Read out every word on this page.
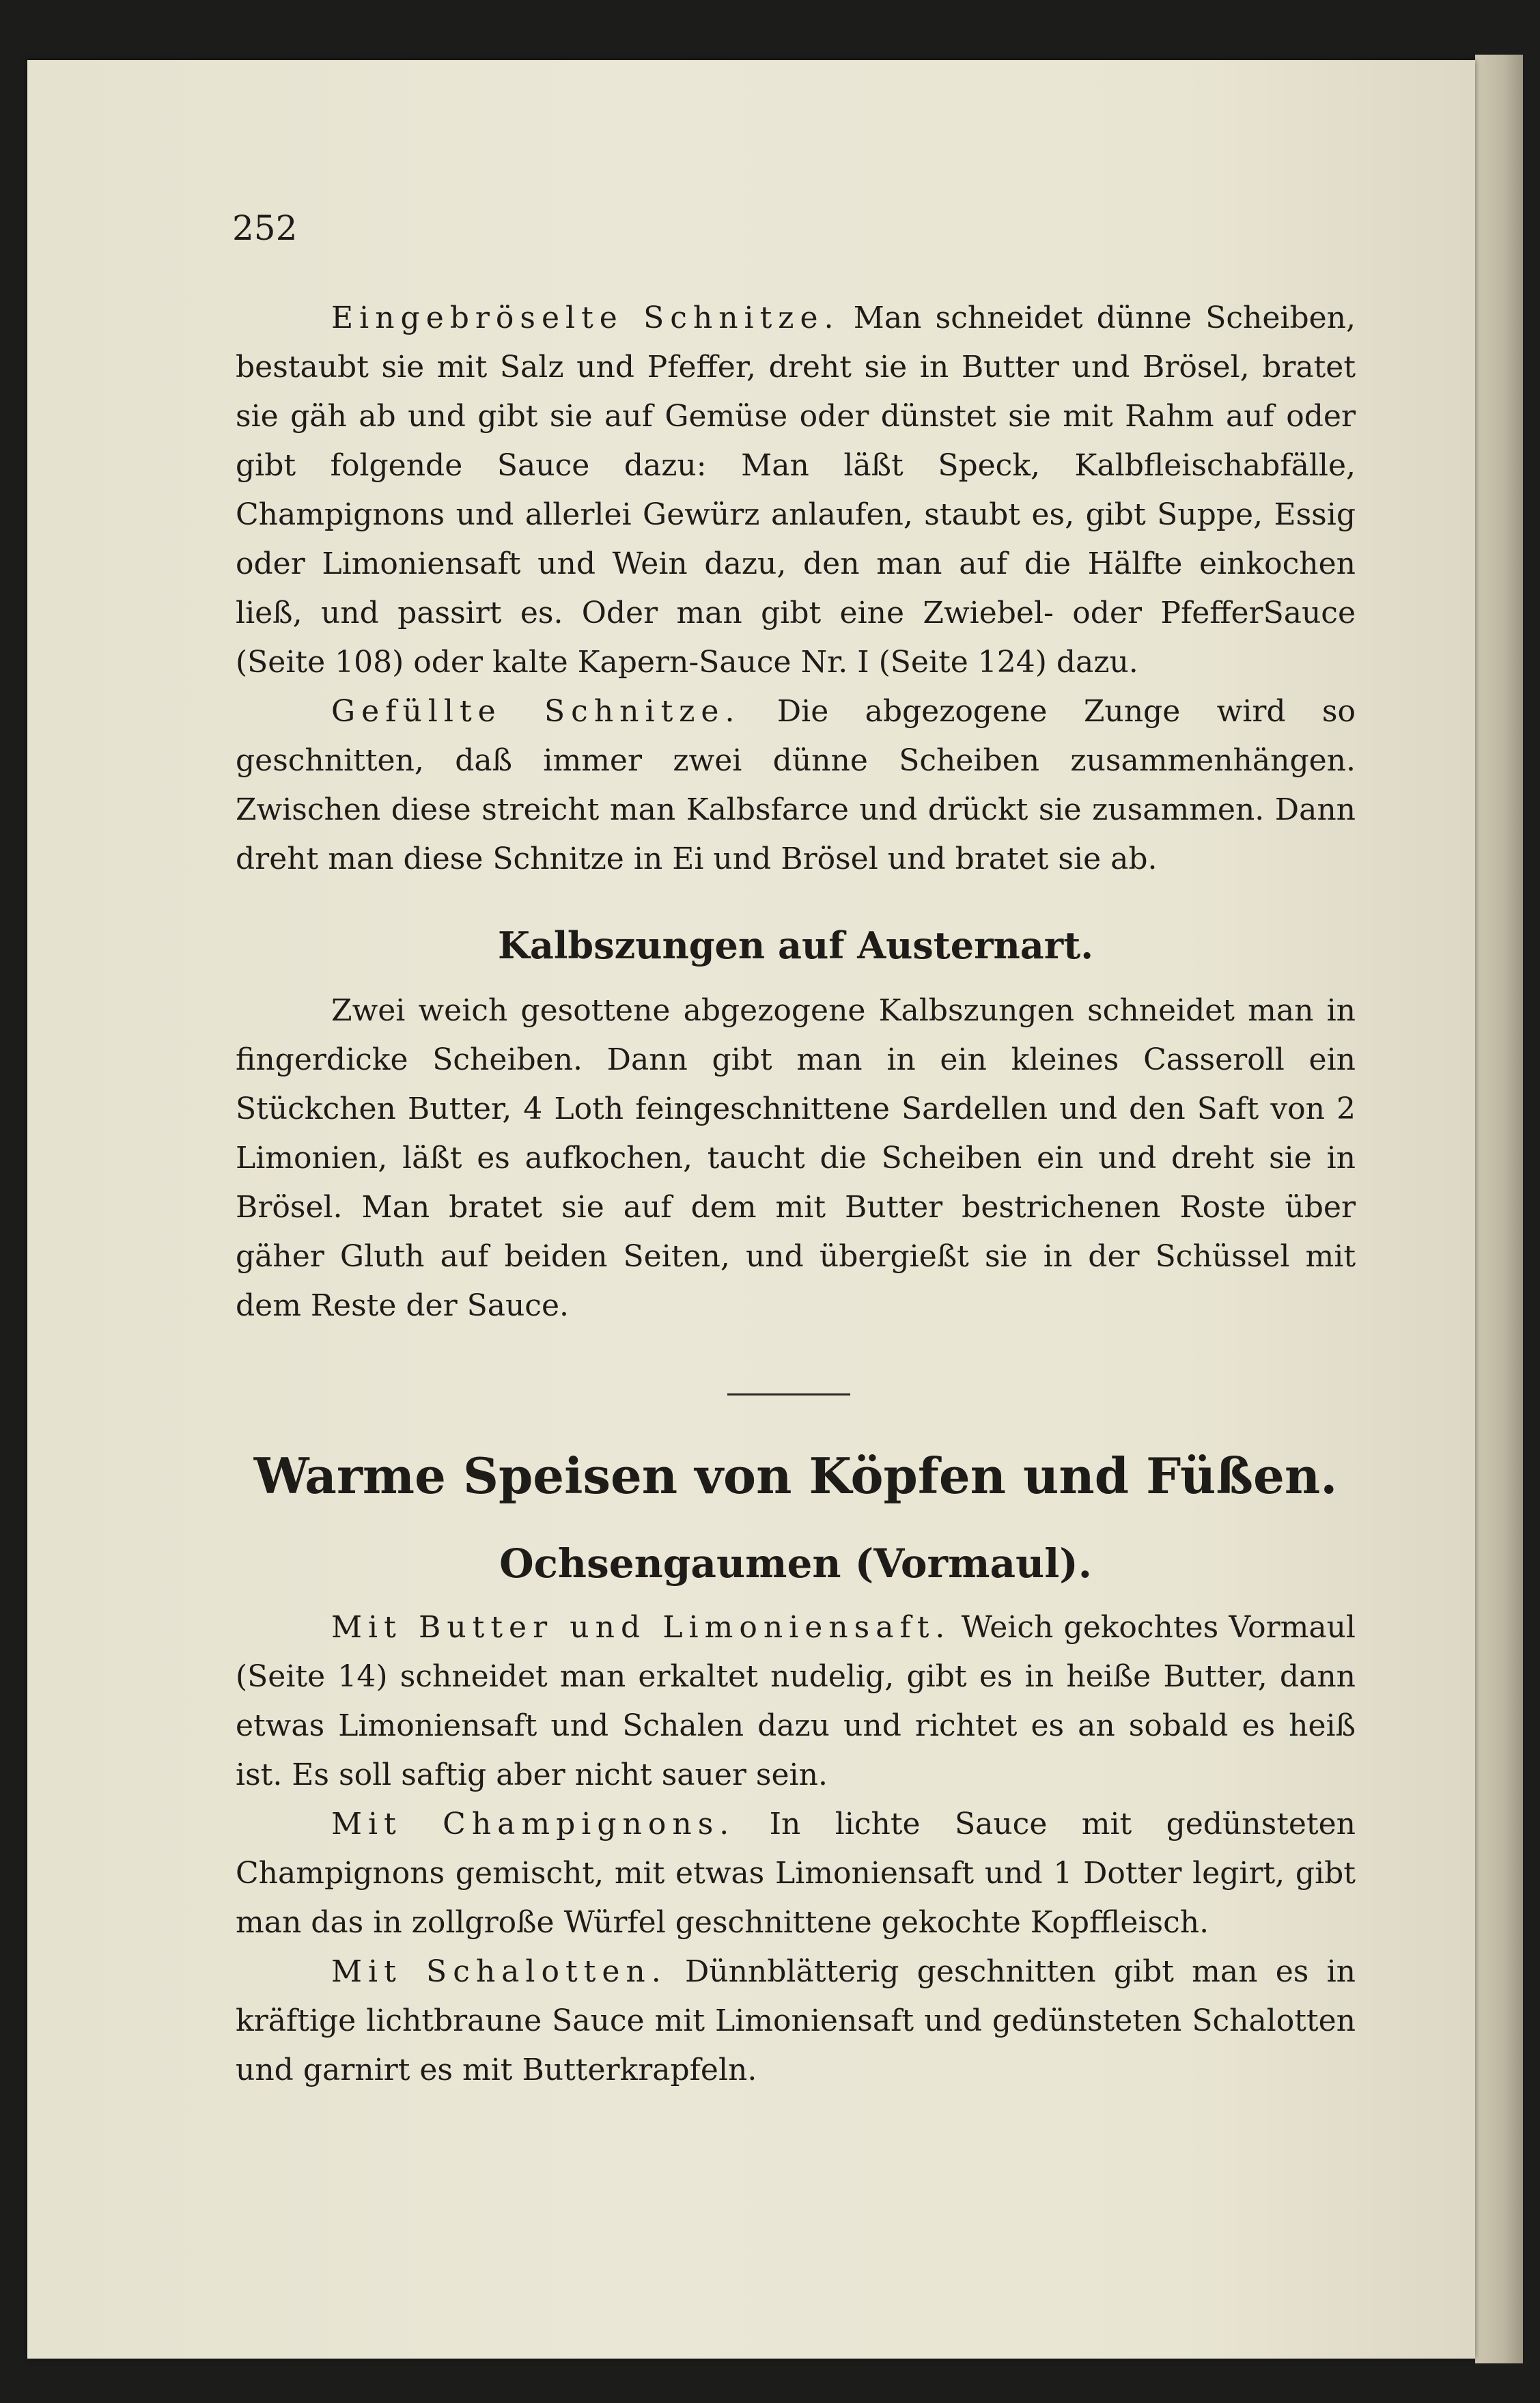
252

Eingebröselte Schnitze. Man schneidet dünne Scheiben, bestaubt sie mit Salz und Pfeffer, dreht sie in Butter und Brösel, bratet sie gäh ab und gibt sie auf Gemüse oder dünstet sie mit Rahm auf oder gibt folgende Sauce dazu: Man läßt Speck, Kalbfleischabfälle, Champignons und allerlei Gewürz anlaufen, staubt es, gibt Suppe, Essig oder Limoniensaft und Wein dazu, den man auf die Hälfte einkochen ließ, und passirt es. Oder man gibt eine Zwiebel- oder PfefferSauce (Seite 108) oder kalte Kapern-Sauce Nr. I (Seite 124) dazu.

Gefüllte Schnitze. Die abgezogene Zunge wird so geschnitten, daß immer zwei dünne Scheiben zusammenhängen. Zwischen diese streicht man Kalbsfarce und drückt sie zusammen. Dann dreht man diese Schnitze in Ei und Brösel und bratet sie ab.

Kalbszungen auf Austernart.

Zwei weich gesottene abgezogene Kalbszungen schneidet man in fingerdicke Scheiben. Dann gibt man in ein kleines Casseroll ein Stückchen Butter, 4 Loth feingeschnittene Sardellen und den Saft von 2 Limonien, läßt es aufkochen, taucht die Scheiben ein und dreht sie in Brösel. Man bratet sie auf dem mit Butter bestrichenen Roste über gäher Gluth auf beiden Seiten, und übergießt sie in der Schüssel mit dem Reste der Sauce.

Warme Speisen von Köpfen und Füßen.
Ochsengaumen (Vormaul).

Mit Butter und Limoniensaft. Weich gekochtes Vormaul (Seite 14) schneidet man erkaltet nudelig, gibt es in heiße Butter, dann etwas Limoniensaft und Schalen dazu und richtet es an sobald es heiß ist. Es soll saftig aber nicht sauer sein.

Mit Champignons. In lichte Sauce mit gedünsteten Champignons gemischt, mit etwas Limoniensaft und 1 Dotter legirt, gibt man das in zollgroße Würfel geschnittene gekochte Kopffleisch.

Mit Schalotten. Dünnblätterig geschnitten gibt man es in kräftige lichtbraune Sauce mit Limoniensaft und gedünsteten Schalotten und garnirt es mit Butterkrapfeln.
